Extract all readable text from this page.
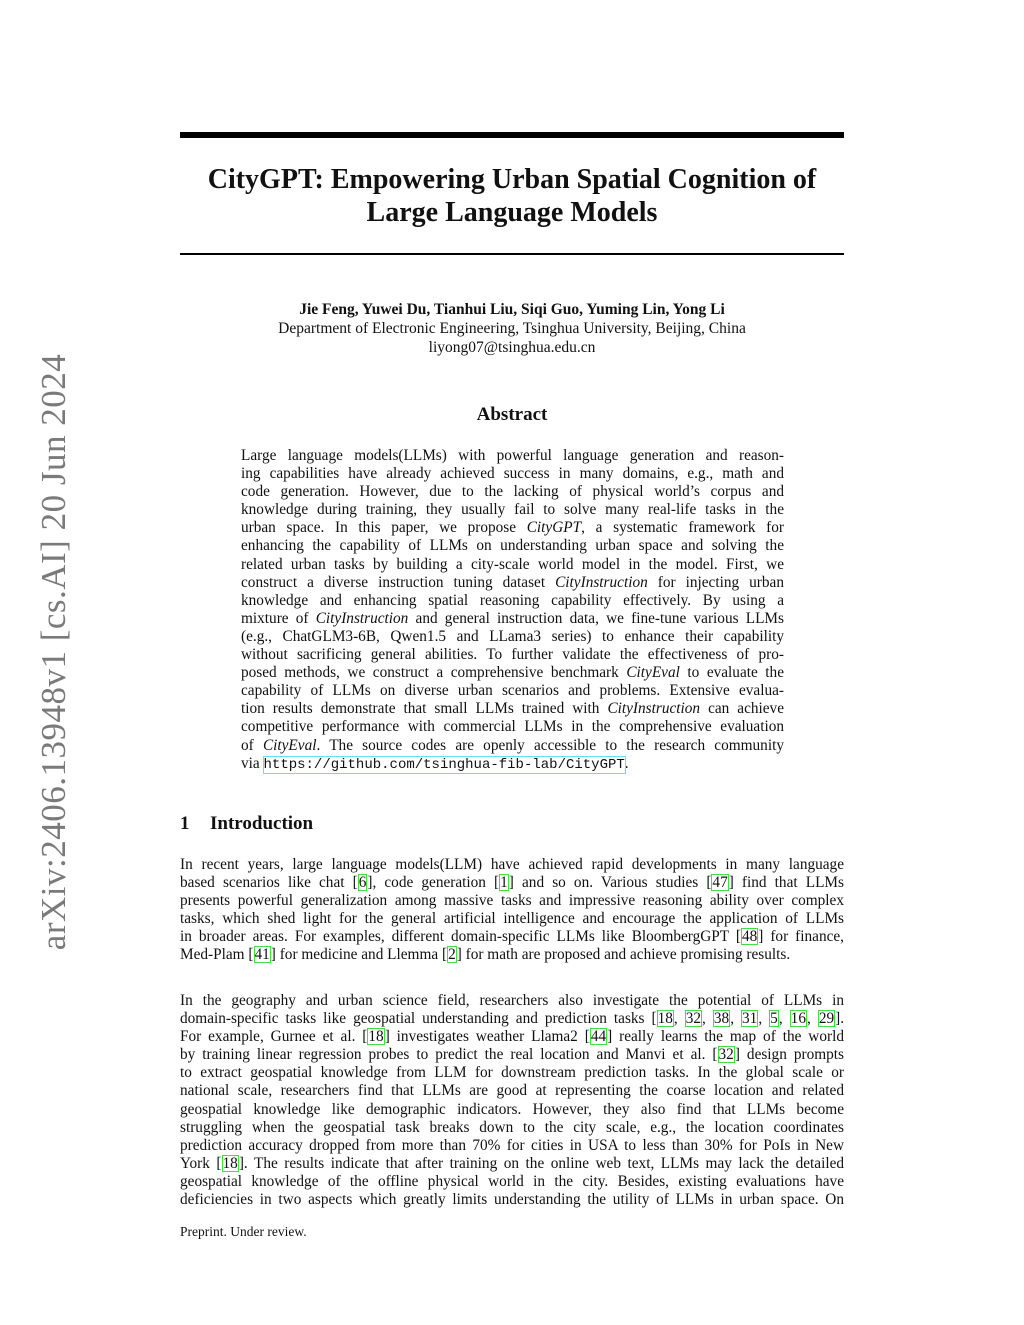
arXiv:2406.13948v1 [cs.AI] 20 Jun 2024
CityGPT: Empowering Urban Spatial Cognition of
Large Language Models
Jie Feng, Yuwei Du, Tianhui Liu, Siqi Guo, Yuming Lin, Yong Li
Department of Electronic Engineering, Tsinghua University, Beijing, China
liyong07@tsinghua.edu.cn
Abstract
Large language models(LLMs) with powerful language generation and reason-
ing capabilities have already achieved success in many domains, e.g., math and
code generation. However, due to the lacking of physical world’s corpus and
knowledge during training, they usually fail to solve many real-life tasks in the
urban space. In this paper, we propose CityGPT, a systematic framework for
enhancing the capability of LLMs on understanding urban space and solving the
related urban tasks by building a city-scale world model in the model. First, we
construct a diverse instruction tuning dataset CityInstruction for injecting urban
knowledge and enhancing spatial reasoning capability effectively. By using a
mixture of CityInstruction and general instruction data, we fine-tune various LLMs
(e.g., ChatGLM3-6B, Qwen1.5 and LLama3 series) to enhance their capability
without sacrificing general abilities. To further validate the effectiveness of pro-
posed methods, we construct a comprehensive benchmark CityEval to evaluate the
capability of LLMs on diverse urban scenarios and problems. Extensive evalua-
tion results demonstrate that small LLMs trained with CityInstruction can achieve
competitive performance with commercial LLMs in the comprehensive evaluation
of CityEval. The source codes are openly accessible to the research community
via https://github.com/tsinghua-fib-lab/CityGPT.
1 Introduction
In recent years, large language models(LLM) have achieved rapid developments in many language
based scenarios like chat [6], code generation [1] and so on. Various studies [47] find that LLMs
presents powerful generalization among massive tasks and impressive reasoning ability over complex
tasks, which shed light for the general artificial intelligence and encourage the application of LLMs
in broader areas. For examples, different domain-specific LLMs like BloombergGPT [48] for finance,
Med-Plam [41] for medicine and Llemma [2] for math are proposed and achieve promising results.
In the geography and urban science field, researchers also investigate the potential of LLMs in
domain-specific tasks like geospatial understanding and prediction tasks [18, 32, 38, 31, 5, 16, 29].
For example, Gurnee et al. [18] investigates weather Llama2 [44] really learns the map of the world
by training linear regression probes to predict the real location and Manvi et al. [32] design prompts
to extract geospatial knowledge from LLM for downstream prediction tasks. In the global scale or
national scale, researchers find that LLMs are good at representing the coarse location and related
geospatial knowledge like demographic indicators. However, they also find that LLMs become
struggling when the geospatial task breaks down to the city scale, e.g., the location coordinates
prediction accuracy dropped from more than 70% for cities in USA to less than 30% for PoIs in New
York [18]. The results indicate that after training on the online web text, LLMs may lack the detailed
geospatial knowledge of the offline physical world in the city. Besides, existing evaluations have
deficiencies in two aspects which greatly limits understanding the utility of LLMs in urban space. On
Preprint. Under review.
